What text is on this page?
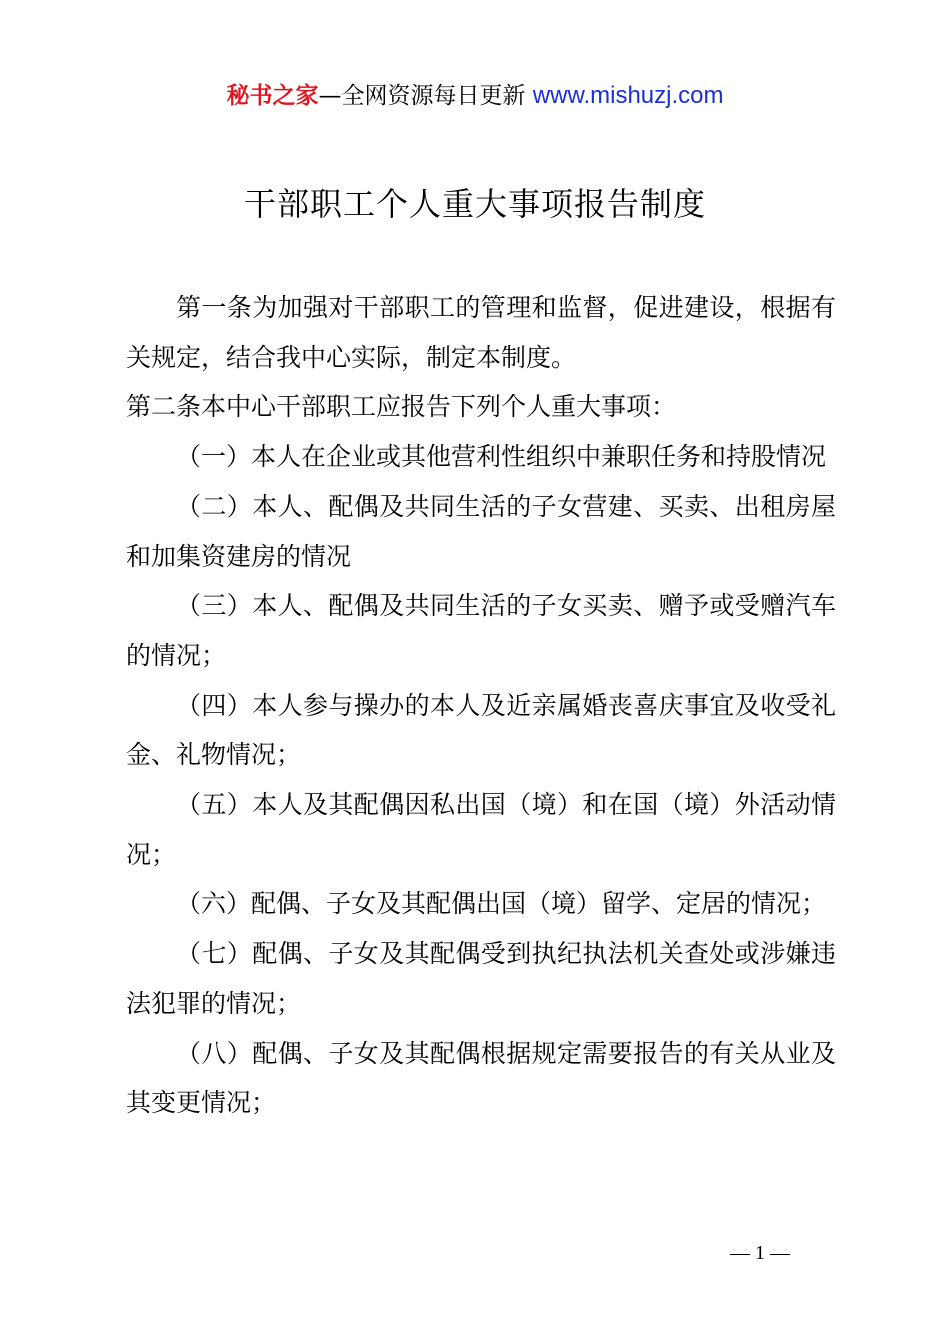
秘书之家—全网资源每日更新 www.mishuzj.com
干部职工个人重大事项报告制度

第一条为加强对干部职工的管理和监督，促进建设，根据有关规定，结合我中心实际，制定本制度。

第二条本中心干部职工应报告下列个人重大事项：

（一）本人在企业或其他营利性组织中兼职任务和持股情况

（二）本人、配偶及共同生活的子女营建、买卖、出租房屋和加集资建房的情况

（三）本人、配偶及共同生活的子女买卖、赠予或受赠汽车的情况；

（四）本人参与操办的本人及近亲属婚丧喜庆事宜及收受礼金、礼物情况；

（五）本人及其配偶因私出国（境）和在国（境）外活动情况；

（六）配偶、子女及其配偶出国（境）留学、定居的情况；

（七）配偶、子女及其配偶受到执纪执法机关查处或涉嫌违法犯罪的情况；

（八）配偶、子女及其配偶根据规定需要报告的有关从业及其变更情况；

— 1 —
